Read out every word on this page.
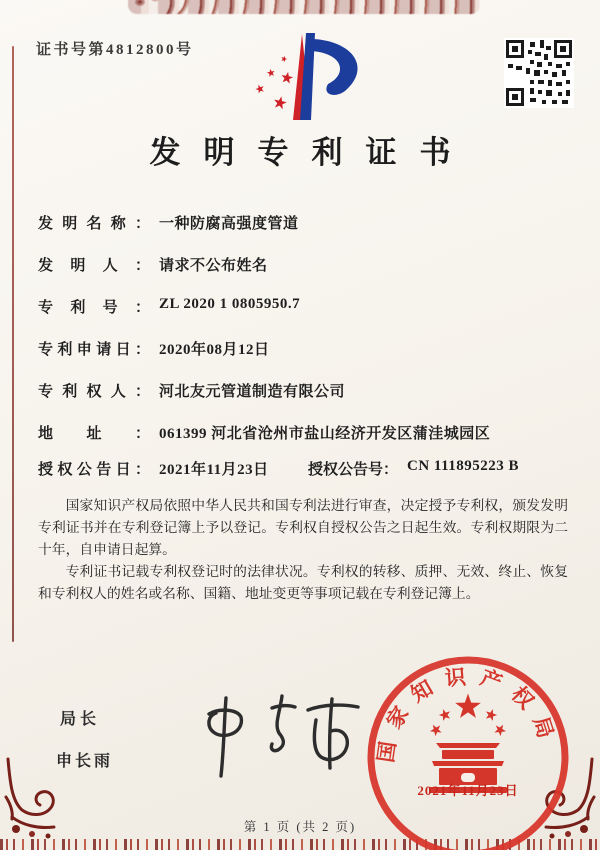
证书号第4812800号
发明专利证书
发明名称： 一种防腐高强度管道
发明人： 请求不公布姓名
专利号： ZL 2020 1 0805950.7
专利申请日： 2020年08月12日
专利权人： 河北友元管道制造有限公司
地址： 061399 河北省沧州市盐山经济开发区蒲洼城园区
授权公告日： 2021年11月23日	授权公告号： CN 111895223 B

国家知识产权局依照中华人民共和国专利法进行审查，决定授予专利权，颁发发明专利证书并在专利登记簿上予以登记。专利权自授权公告之日起生效。专利权期限为二十年，自申请日起算。

专利证书记载专利权登记时的法律状况。专利权的转移、质押、无效、终止、恢复和专利权人的姓名或名称、国籍、地址变更等事项记载在专利登记簿上。

局长
申长雨	国家知识产权局
2021年11月23日
第 1 页 (共 2 页)
